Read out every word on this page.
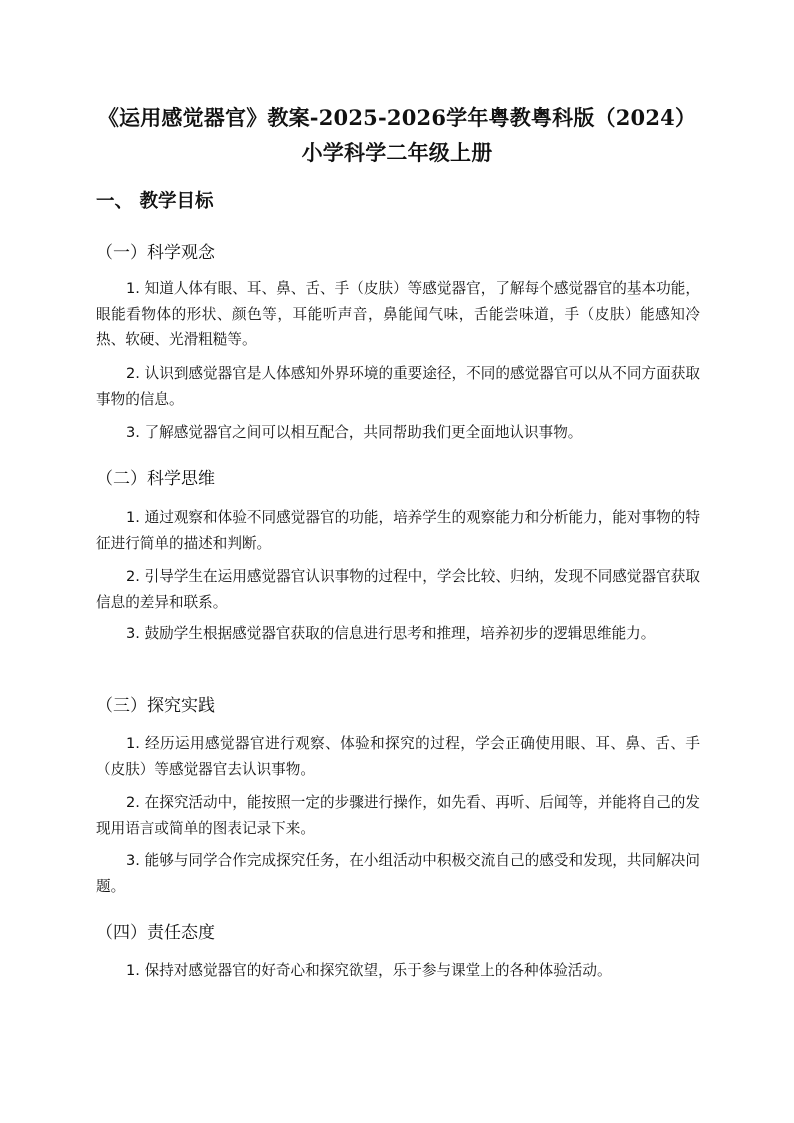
《运用感觉器官》教案-2025-2026学年粤教粤科版（2024）小学科学二年级上册
一、 教学目标
（一）科学观念
1. 知道人体有眼、耳、鼻、舌、手（皮肤）等感觉器官，了解每个感觉器官的基本功能，眼能看物体的形状、颜色等，耳能听声音，鼻能闻气味，舌能尝味道，手（皮肤）能感知冷热、软硬、光滑粗糙等。
2. 认识到感觉器官是人体感知外界环境的重要途径，不同的感觉器官可以从不同方面获取事物的信息。
3. 了解感觉器官之间可以相互配合，共同帮助我们更全面地认识事物。
（二）科学思维
1. 通过观察和体验不同感觉器官的功能，培养学生的观察能力和分析能力，能对事物的特征进行简单的描述和判断。
2. 引导学生在运用感觉器官认识事物的过程中，学会比较、归纳，发现不同感觉器官获取信息的差异和联系。
3. 鼓励学生根据感觉器官获取的信息进行思考和推理，培养初步的逻辑思维能力。
（三）探究实践
1. 经历运用感觉器官进行观察、体验和探究的过程，学会正确使用眼、耳、鼻、舌、手（皮肤）等感觉器官去认识事物。
2. 在探究活动中，能按照一定的步骤进行操作，如先看、再听、后闻等，并能将自己的发现用语言或简单的图表记录下来。
3. 能够与同学合作完成探究任务，在小组活动中积极交流自己的感受和发现，共同解决问题。
（四）责任态度
1. 保持对感觉器官的好奇心和探究欲望，乐于参与课堂上的各种体验活动。
